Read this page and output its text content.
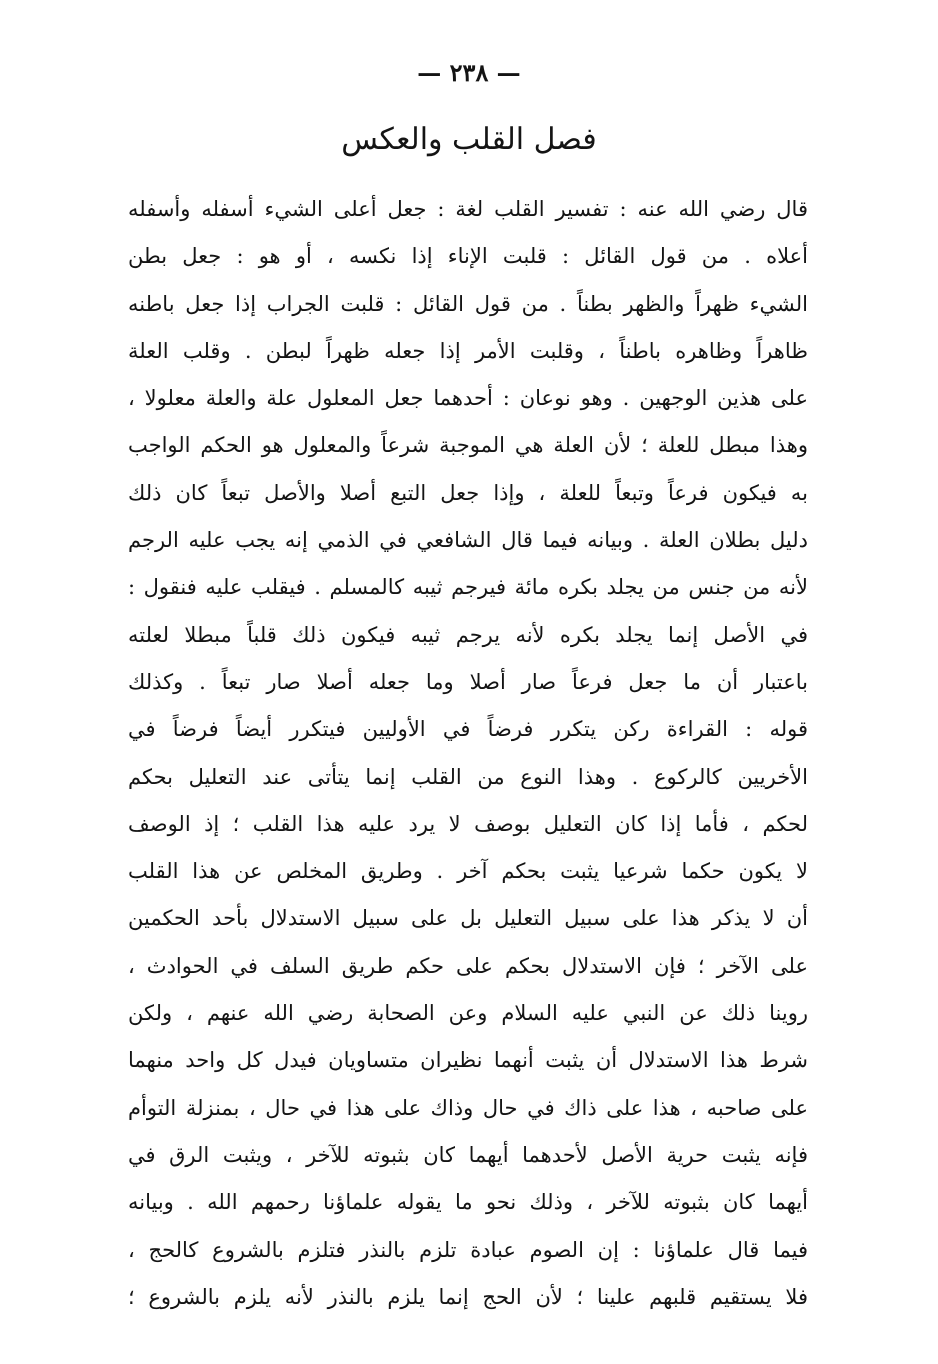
— ٢٣٨ —
فصل القلب والعكس
قال رضي الله عنه : تفسير القلب لغة : جعل أعلى الشيء أسفله وأسفله
أعلاه . من قول القائل : قلبت الإناء إذا نكسه ، أو هو : جعل بطن
الشيء ظهراً والظهر بطناً . من قول القائل : قلبت الجراب إذا جعل باطنه
ظاهراً وظاهره باطناً ، وقلبت الأمر إذا جعله ظهراً لبطن . وقلب العلة
على هذين الوجهين . وهو نوعان : أحدهما جعل المعلول علة والعلة معلولا ،
وهذا مبطل للعلة ؛ لأن العلة هي الموجبة شرعاً والمعلول هو الحكم الواجب
به فيكون فرعاً وتبعاً للعلة ، وإذا جعل التبع أصلا والأصل تبعاً كان ذلك
دليل بطلان العلة . وبيانه فيما قال الشافعي في الذمي إنه يجب عليه الرجم
لأنه من جنس من يجلد بكره مائة فيرجم ثيبه كالمسلم . فيقلب عليه فنقول :
في الأصل إنما يجلد بكره لأنه يرجم ثيبه فيكون ذلك قلباً مبطلا لعلته
باعتبار أن ما جعل فرعاً صار أصلا وما جعله أصلا صار تبعاً . وكذلك
قوله : القراءة ركن يتكرر فرضاً في الأوليين فيتكرر أيضاً فرضاً في
الأخريين كالركوع . وهذا النوع من القلب إنما يتأتى عند التعليل بحكم
لحكم ، فأما إذا كان التعليل بوصف لا يرد عليه هذا القلب ؛ إذ الوصف
لا يكون حكما شرعيا يثبت بحكم آخر . وطريق المخلص عن هذا القلب
أن لا يذكر هذا على سبيل التعليل بل على سبيل الاستدلال بأحد الحكمين
على الآخر ؛ فإن الاستدلال بحكم على حكم طريق السلف في الحوادث ،
روينا ذلك عن النبي عليه السلام وعن الصحابة رضي الله عنهم ، ولكن
شرط هذا الاستدلال أن يثبت أنهما نظيران متساويان فيدل كل واحد منهما
على صاحبه ، هذا على ذاك في حال وذاك على هذا في حال ، بمنزلة التوأم
فإنه يثبت حرية الأصل لأحدهما أيهما كان بثبوته للآخر ، ويثبت الرق في
أيهما كان بثبوته للآخر ، وذلك نحو ما يقوله علماؤنا رحمهم الله . وبيانه
فيما قال علماؤنا : إن الصوم عبادة تلزم بالنذر فتلزم بالشروع كالحج ،
فلا يستقيم قلبهم علينا ؛ لأن الحج إنما يلزم بالنذر لأنه يلزم بالشروع ؛
